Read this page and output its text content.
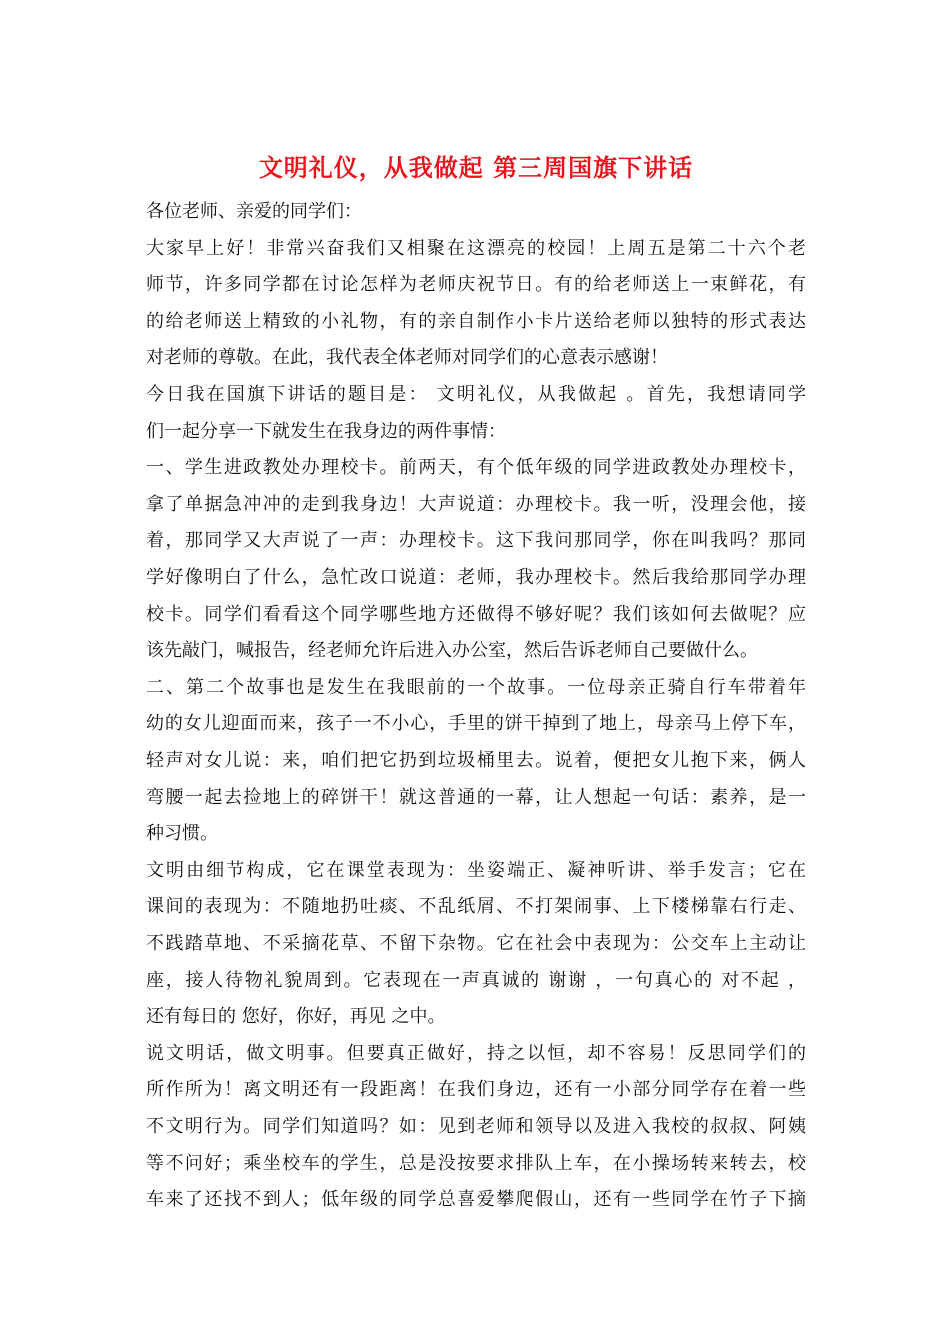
文明礼仪，从我做起 第三周国旗下讲话

各位老师、亲爱的同学们：

大家早上好！非常兴奋我们又相聚在这漂亮的校园！上周五是第二十六个老

师节，许多同学都在讨论怎样为老师庆祝节日。有的给老师送上一束鲜花，有

的给老师送上精致的小礼物，有的亲自制作小卡片送给老师以独特的形式表达

对老师的尊敬。在此，我代表全体老师对同学们的心意表示感谢！

今日我在国旗下讲话的题目是： 文明礼仪，从我做起 。首先，我想请同学

们一起分享一下就发生在我身边的两件事情：

一、学生进政教处办理校卡。前两天，有个低年级的同学进政教处办理校卡，

拿了单据急冲冲的走到我身边！大声说道：办理校卡。我一听，没理会他，接

着，那同学又大声说了一声：办理校卡。这下我问那同学，你在叫我吗？那同

学好像明白了什么，急忙改口说道：老师，我办理校卡。然后我给那同学办理

校卡。同学们看看这个同学哪些地方还做得不够好呢？我们该如何去做呢？应

该先敲门，喊报告，经老师允许后进入办公室，然后告诉老师自己要做什么。

二、第二个故事也是发生在我眼前的一个故事。一位母亲正骑自行车带着年

幼的女儿迎面而来，孩子一不小心，手里的饼干掉到了地上，母亲马上停下车，

轻声对女儿说：来，咱们把它扔到垃圾桶里去。说着，便把女儿抱下来，俩人

弯腰一起去捡地上的碎饼干！就这普通的一幕，让人想起一句话：素养，是一

种习惯。

文明由细节构成，它在课堂表现为：坐姿端正、凝神听讲、举手发言；它在

课间的表现为：不随地扔吐痰、不乱纸屑、不打架闹事、上下楼梯靠右行走、

不践踏草地、不采摘花草、不留下杂物。它在社会中表现为：公交车上主动让

座，接人待物礼貌周到。它表现在一声真诚的 谢谢 ，一句真心的 对不起 ，

还有每日的 您好，你好，再见 之中。

说文明话，做文明事。但要真正做好，持之以恒，却不容易！反思同学们的

所作所为！离文明还有一段距离！在我们身边，还有一小部分同学存在着一些

不文明行为。同学们知道吗？如：见到老师和领导以及进入我校的叔叔、阿姨

等不问好；乘坐校车的学生，总是没按要求排队上车，在小操场转来转去，校

车来了还找不到人；低年级的同学总喜爱攀爬假山，还有一些同学在竹子下摘
